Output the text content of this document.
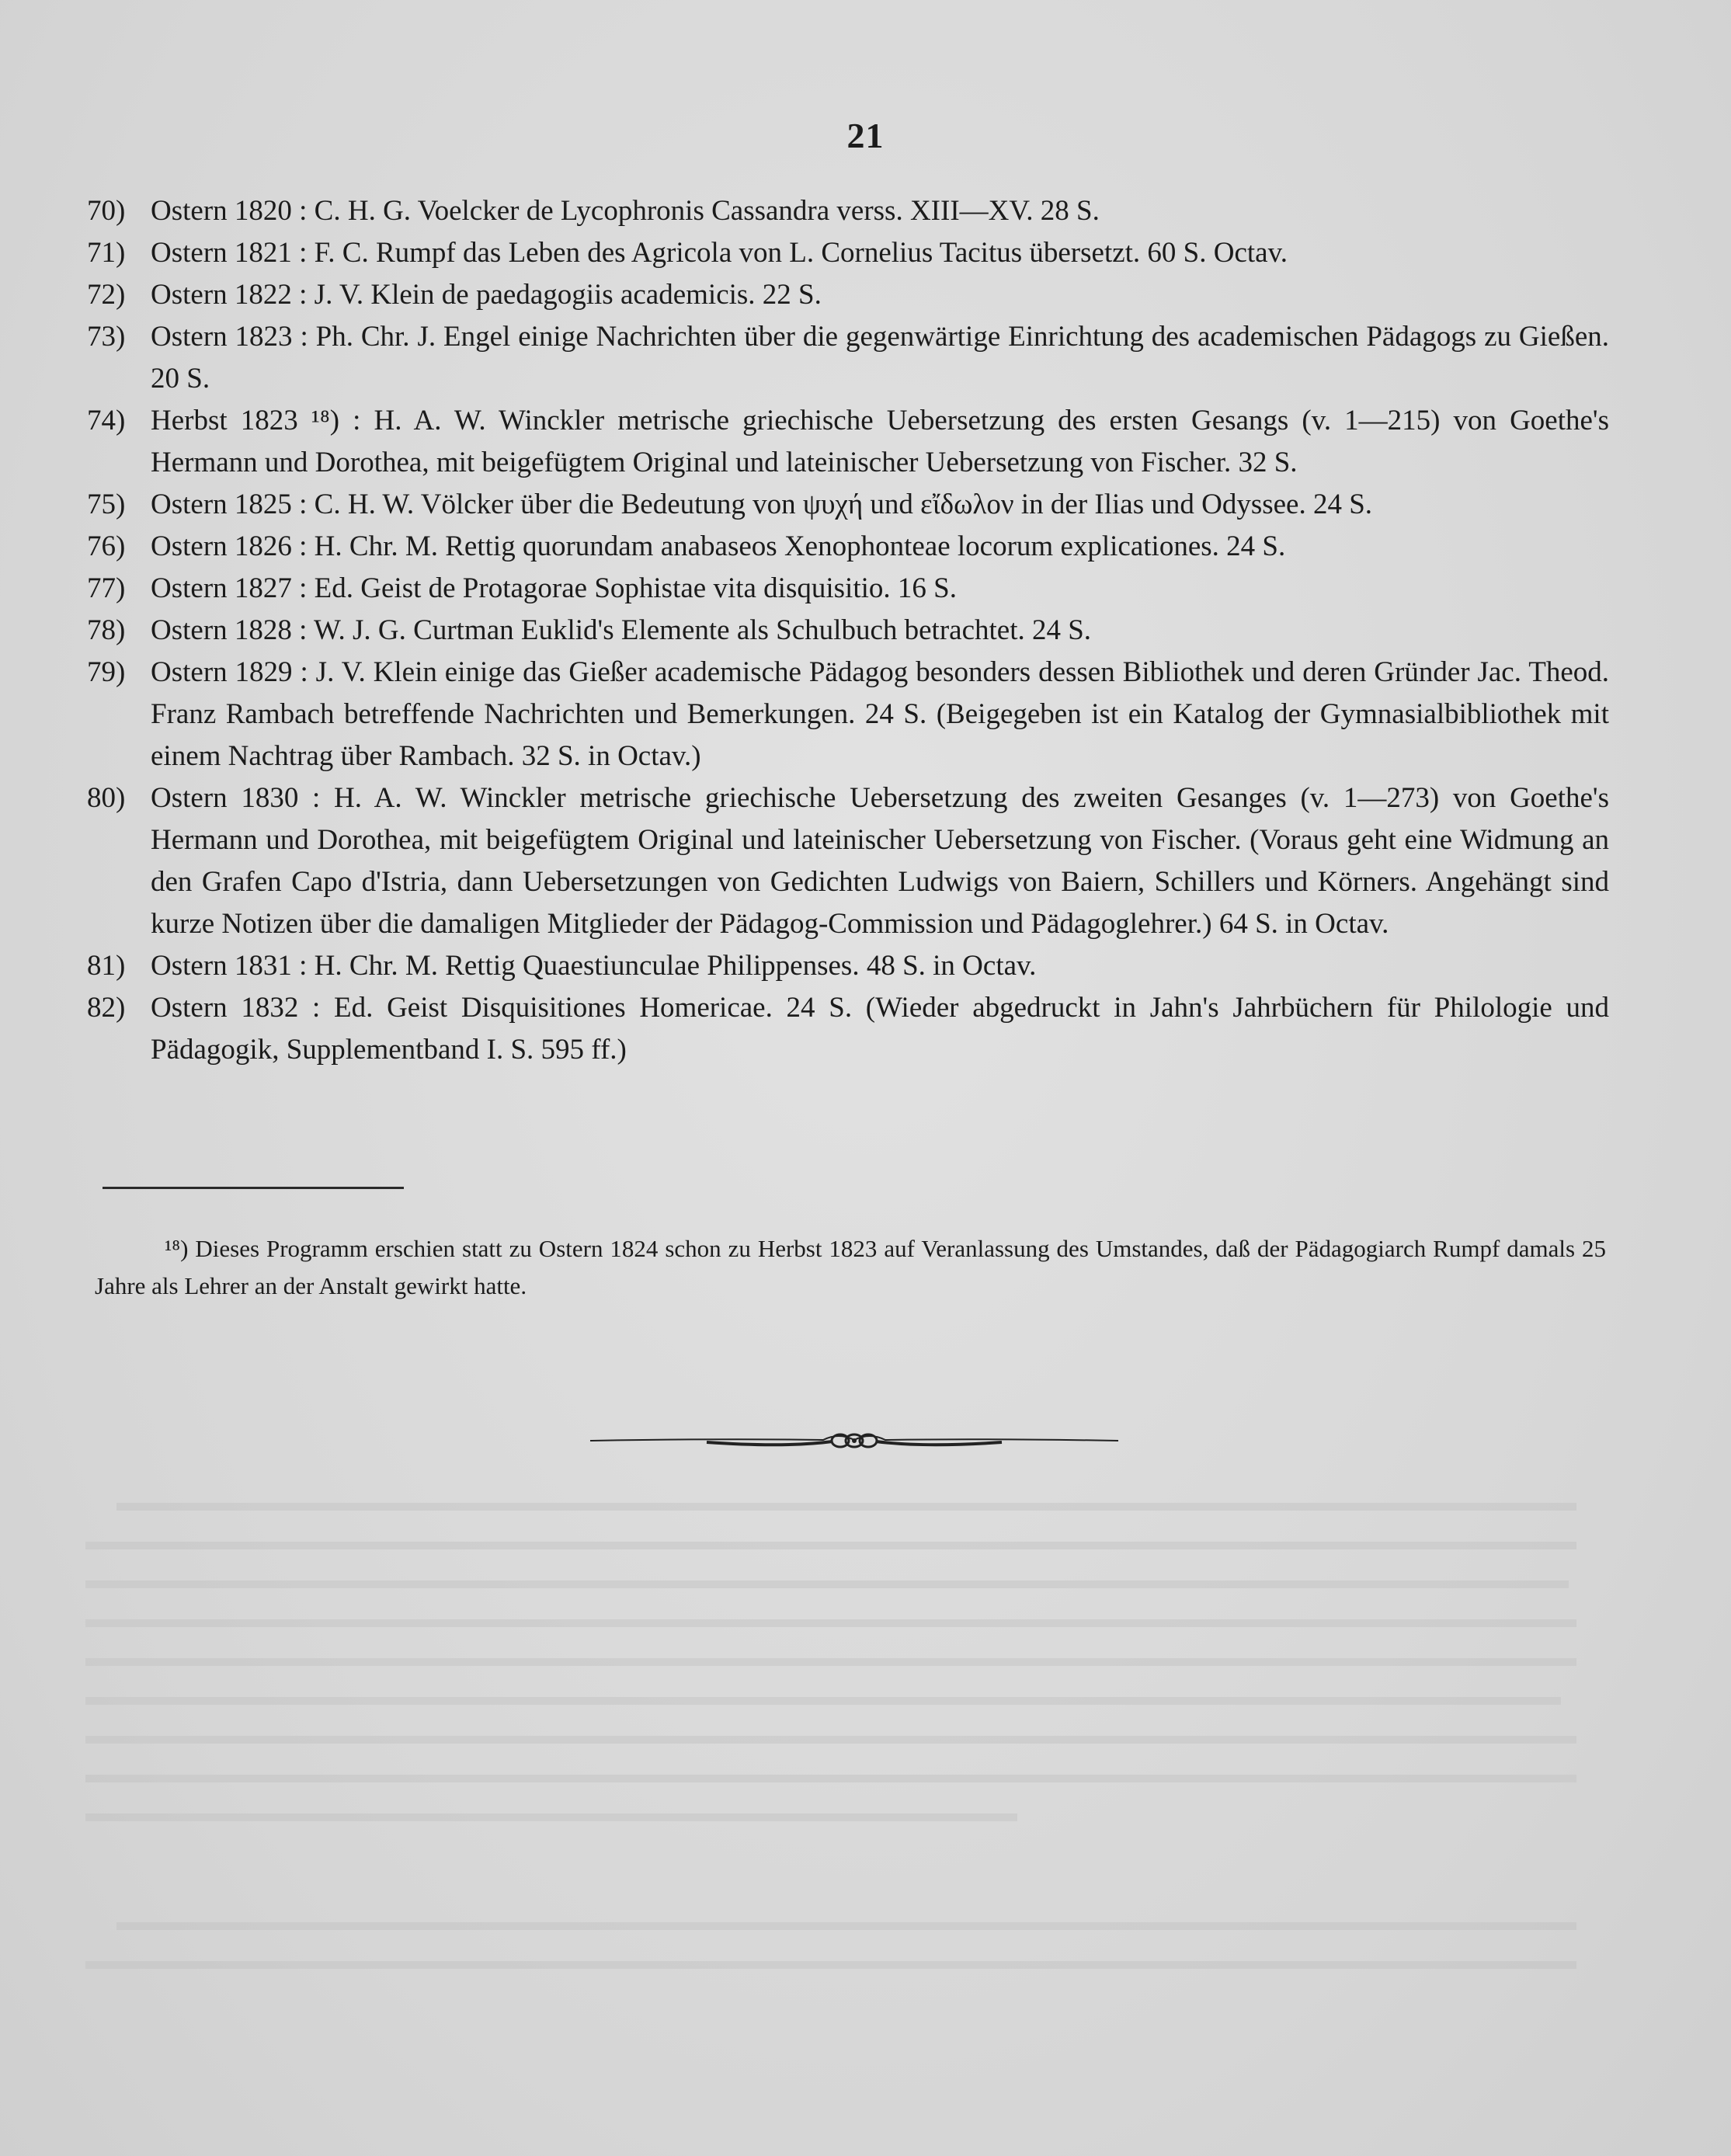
21
70) Ostern 1820 : C. H. G. Voelcker de Lycophronis Cassandra verss. XIII—XV. 28 S.
71) Ostern 1821 : F. C. Rumpf das Leben des Agricola von L. Cornelius Tacitus übersetzt. 60 S. Octav.
72) Ostern 1822 : J. V. Klein de paedagogiis academicis. 22 S.
73) Ostern 1823 : Ph. Chr. J. Engel einige Nachrichten über die gegenwärtige Einrichtung des academischen Pädagogs zu Gießen. 20 S.
74) Herbst 1823 ¹⁸) : H. A. W. Winckler metrische griechische Uebersetzung des ersten Gesangs (v. 1—215) von Goethe's Hermann und Dorothea, mit beigefügtem Original und lateinischer Uebersetzung von Fischer. 32 S.
75) Ostern 1825 : C. H. W. Völcker über die Bedeutung von ψυχή und εἴδωλον in der Ilias und Odyssee. 24 S.
76) Ostern 1826 : H. Chr. M. Rettig quorundam anabaseos Xenophonteae locorum explicationes. 24 S.
77) Ostern 1827 : Ed. Geist de Protagorae Sophistae vita disquisitio. 16 S.
78) Ostern 1828 : W. J. G. Curtman Euklid's Elemente als Schulbuch betrachtet. 24 S.
79) Ostern 1829 : J. V. Klein einige das Gießer academische Pädagog besonders dessen Bibliothek und deren Gründer Jac. Theod. Franz Rambach betreffende Nachrichten und Bemerkungen. 24 S. (Beigegeben ist ein Katalog der Gymnasialbibliothek mit einem Nachtrag über Rambach. 32 S. in Octav.)
80) Ostern 1830 : H. A. W. Winckler metrische griechische Uebersetzung des zweiten Gesanges (v. 1—273) von Goethe's Hermann und Dorothea, mit beigefügtem Original und lateinischer Uebersetzung von Fischer. (Voraus geht eine Widmung an den Grafen Capo d'Istria, dann Uebersetzungen von Gedichten Ludwigs von Baiern, Schillers und Körners. Angehängt sind kurze Notizen über die damaligen Mitglieder der Pädagog-Commission und Pädagoglehrer.) 64 S. in Octav.
81) Ostern 1831 : H. Chr. M. Rettig Quaestiunculae Philippenses. 48 S. in Octav.
82) Ostern 1832 : Ed. Geist Disquisitiones Homericae. 24 S. (Wieder abgedruckt in Jahn's Jahrbüchern für Philologie und Pädagogik, Supplementband I. S. 595 ff.)
¹⁸) Dieses Programm erschien statt zu Ostern 1824 schon zu Herbst 1823 auf Veranlassung des Umstandes, daß der Pädagogiarch Rumpf damals 25 Jahre als Lehrer an der Anstalt gewirkt hatte.
